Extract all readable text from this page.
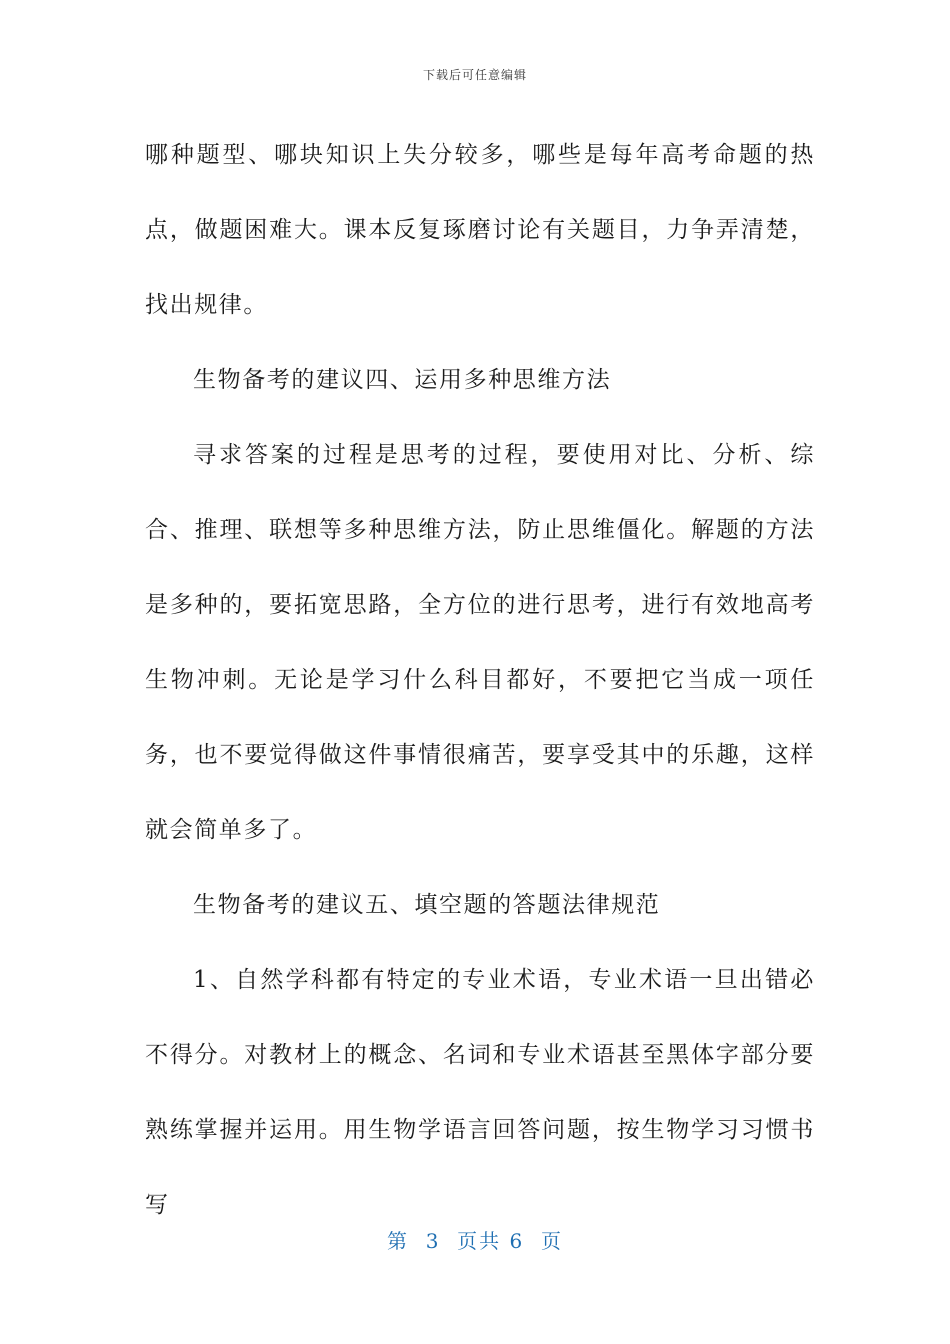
下载后可任意编辑

哪种题型、哪块知识上失分较多，哪些是每年高考命题的热点，做题困难大。课本反复琢磨讨论有关题目，力争弄清楚，找出规律。

生物备考的建议四、运用多种思维方法

寻求答案的过程是思考的过程，要使用对比、分析、综合、推理、联想等多种思维方法，防止思维僵化。解题的方法是多种的，要拓宽思路，全方位的进行思考，进行有效地高考生物冲刺。无论是学习什么科目都好，不要把它当成一项任务，也不要觉得做这件事情很痛苦，要享受其中的乐趣，这样就会简单多了。

生物备考的建议五、填空题的答题法律规范

1、自然学科都有特定的专业术语，专业术语一旦出错必不得分。对教材上的概念、名词和专业术语甚至黑体字部分要熟练掌握并运用。用生物学语言回答问题，按生物学习习惯书写

第  3  页共 6  页
